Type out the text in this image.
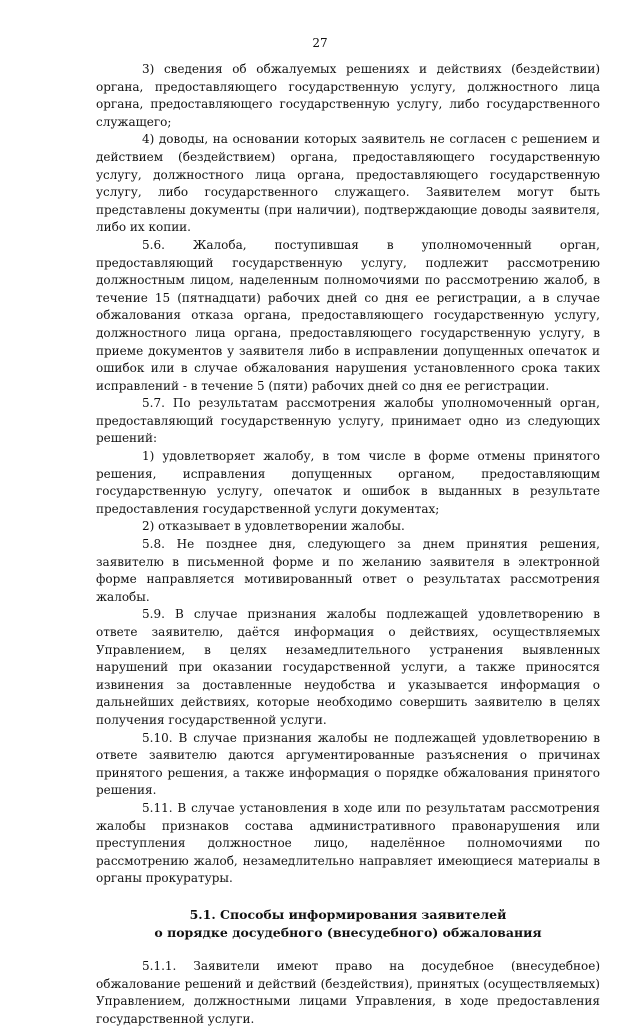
27

3) сведения об обжалуемых решениях и действиях (бездействии) органа, предоставляющего государственную услугу, должностного лица органа, предоставляющего государственную услугу, либо государственного служащего;

4) доводы, на основании которых заявитель не согласен с решением и действием (бездействием) органа, предоставляющего государственную услугу, должностного лица органа, предоставляющего государственную услугу, либо государственного служащего. Заявителем могут быть представлены документы (при наличии), подтверждающие доводы заявителя, либо их копии.

5.6. Жалоба, поступившая в уполномоченный орган, предоставляющий государственную услугу, подлежит рассмотрению должностным лицом, наделенным полномочиями по рассмотрению жалоб, в течение 15 (пятнадцати) рабочих дней со дня ее регистрации, а в случае обжалования отказа органа, предоставляющего государственную услугу, должностного лица органа, предоставляющего государственную услугу, в приеме документов у заявителя либо в исправлении допущенных опечаток и ошибок или в случае обжалования нарушения установленного срока таких исправлений - в течение 5 (пяти) рабочих дней со дня ее регистрации.

5.7. По результатам рассмотрения жалобы уполномоченный орган, предоставляющий государственную услугу, принимает одно из следующих решений:

1) удовлетворяет жалобу, в том числе в форме отмены принятого решения, исправления допущенных органом, предоставляющим государственную услугу, опечаток и ошибок в выданных в результате предоставления государственной услуги документах;

2) отказывает в удовлетворении жалобы.

5.8. Не позднее дня, следующего за днем принятия решения, заявителю в письменной форме и по желанию заявителя в электронной форме направляется мотивированный ответ о результатах рассмотрения жалобы.

5.9. В случае признания жалобы подлежащей удовлетворению в ответе заявителю, даётся информация о действиях, осуществляемых Управлением, в целях незамедлительного устранения выявленных нарушений при оказании государственной услуги, а также приносятся извинения за доставленные неудобства и указывается информация о дальнейших действиях, которые необходимо совершить заявителю в целях получения государственной услуги.

5.10. В случае признания жалобы не подлежащей удовлетворению в ответе заявителю даются аргументированные разъяснения о причинах принятого решения, а также информация о порядке обжалования принятого решения.

5.11. В случае установления в ходе или по результатам рассмотрения жалобы признаков состава административного правонарушения или преступления должностное лицо, наделённое полномочиями по рассмотрению жалоб, незамедлительно направляет имеющиеся материалы в органы прокуратуры.

5.1. Способы информирования заявителей
о порядке досудебного (внесудебного) обжалования

5.1.1. Заявители имеют право на досудебное (внесудебное) обжалование решений и действий (бездействия), принятых (осуществляемых) Управлением, должностными лицами Управления, в ходе предоставления государственной услуги.
